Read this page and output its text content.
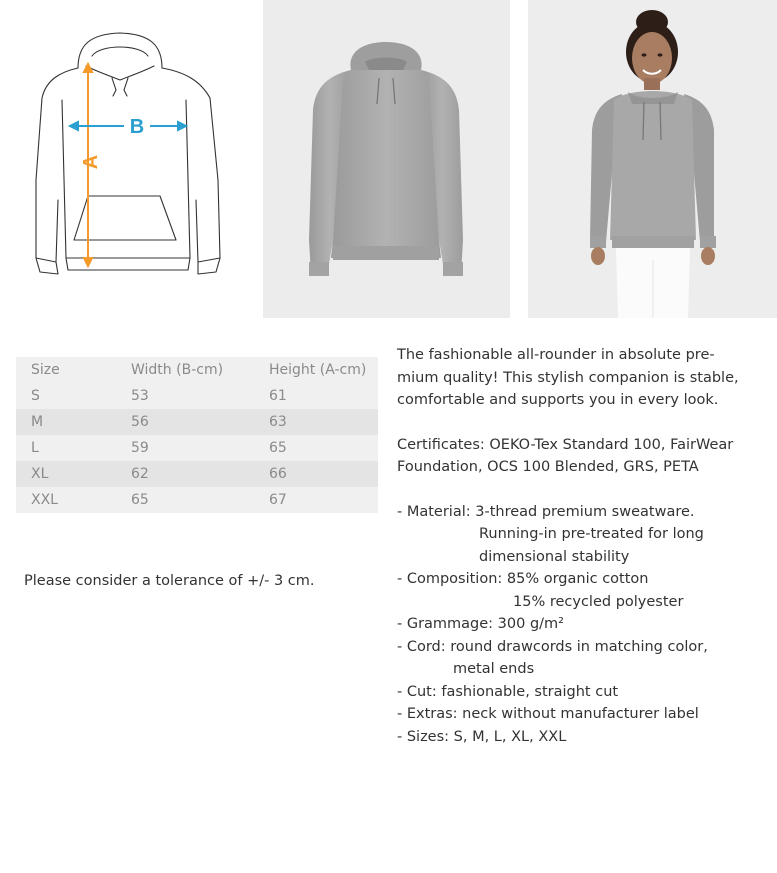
A
B
Size	Width (B-cm)	Height (A-cm)
S	53	61
M	56	63
L	59	65
XL	62	66
XXL	65	67

Please consider a tolerance of +/- 3 cm.

The fashionable all-rounder in absolute pre-
mium quality! This stylish companion is stable,
comfortable and supports you in every look.

Certificates: OEKO-Tex Standard 100, FairWear
Foundation, OCS 100 Blended, GRS, PETA

- Material: 3-thread premium sweatware.
Running-in pre-treated for long
dimensional stability
- Composition: 85% organic cotton
15% recycled polyester
- Grammage: 300 g/m²
- Cord: round drawcords in matching color,
metal ends
- Cut: fashionable, straight cut
- Extras: neck without manufacturer label
- Sizes: S, M, L, XL, XXL
